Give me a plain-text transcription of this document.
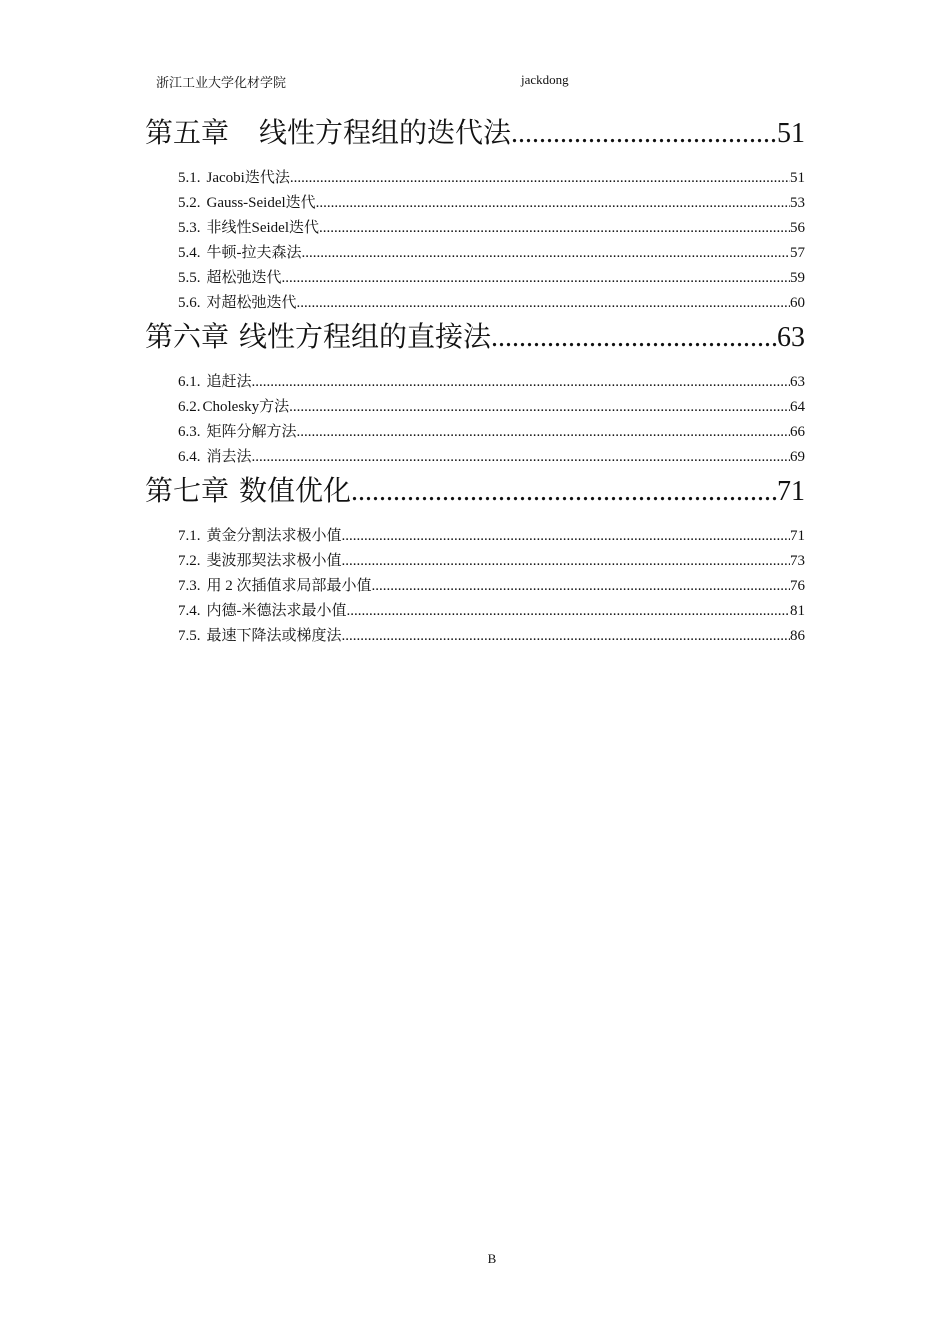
浙江工业大学化材学院	jackdong
第五章 线性方程组的迭代法 .....	51
5.1. Jacobi迭代法 .....	51
5.2. Gauss-Seidel迭代 .....	53
5.3. 非线性Seidel迭代 .....	56
5.4. 牛顿-拉夫森法 .....	57
5.5. 超松弛迭代 .....	59
5.6. 对超松弛迭代 .....	60
第六章 线性方程组的直接法 .....	63
6.1. 追赶法 .....	63
6.2. Cholesky方法 .....	64
6.3. 矩阵分解方法 .....	66
6.4. 消去法 .....	69
第七章 数值优化 .....	71
7.1. 黄金分割法求极小值 .....	71
7.2. 斐波那契法求极小值 .....	73
7.3. 用 2 次插值求局部最小值 .....	76
7.4. 内德-米德法求最小值 .....	81
7.5. 最速下降法或梯度法 .....	86
B
